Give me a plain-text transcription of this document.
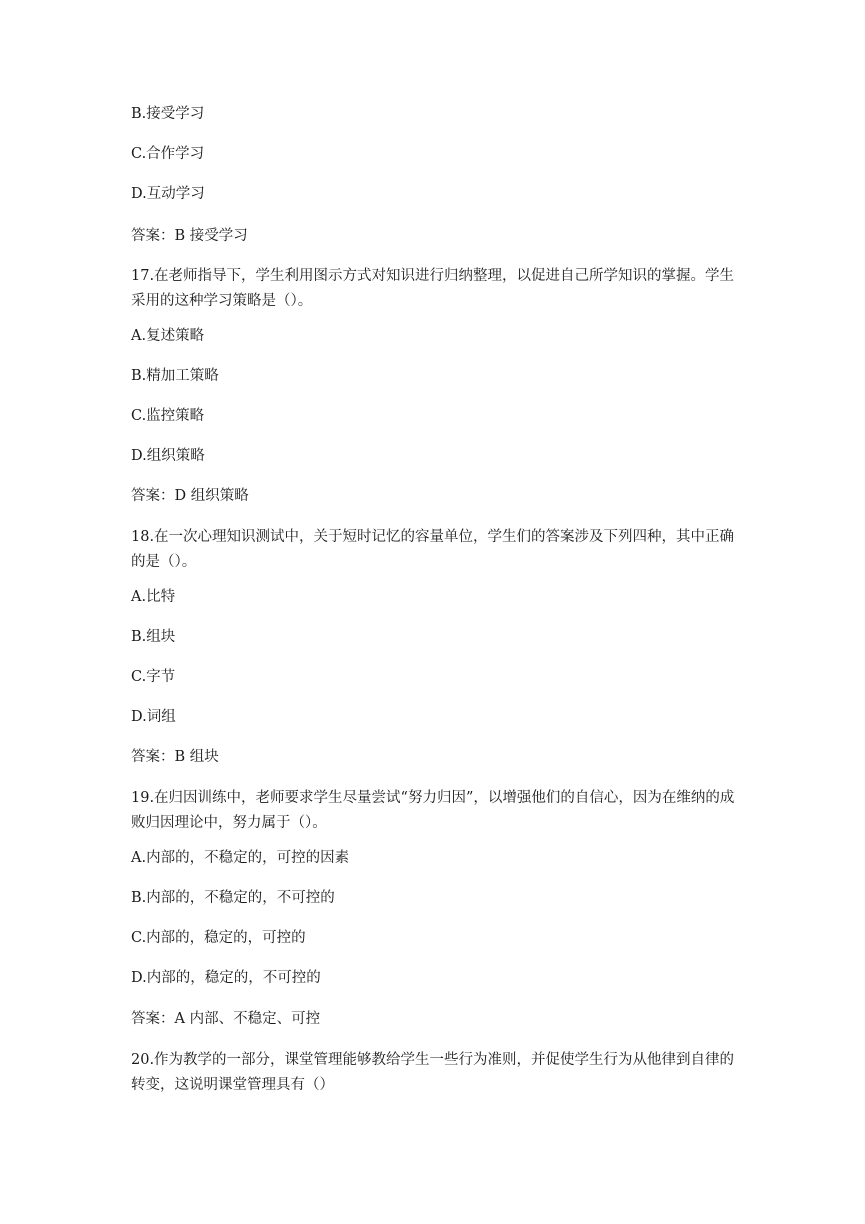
B.接受学习
C.合作学习
D.互动学习
答案：B 接受学习
17.在老师指导下，学生利用图示方式对知识进行归纳整理，以促进自己所学知识的掌握。学生采用的这种学习策略是（）。
A.复述策略
B.精加工策略
C.监控策略
D.组织策略
答案：D 组织策略
18.在一次心理知识测试中，关于短时记忆的容量单位，学生们的答案涉及下列四种，其中正确的是（）。
A.比特
B.组块
C.字节
D.词组
答案：B 组块
19.在归因训练中，老师要求学生尽量尝试“努力归因”，以增强他们的自信心，因为在维纳的成败归因理论中，努力属于（）。
A.内部的，不稳定的，可控的因素
B.内部的，不稳定的，不可控的
C.内部的，稳定的，可控的
D.内部的，稳定的，不可控的
答案：A 内部、不稳定、可控
20.作为教学的一部分，课堂管理能够教给学生一些行为准则，并促使学生行为从他律到自律的转变，这说明课堂管理具有（）
